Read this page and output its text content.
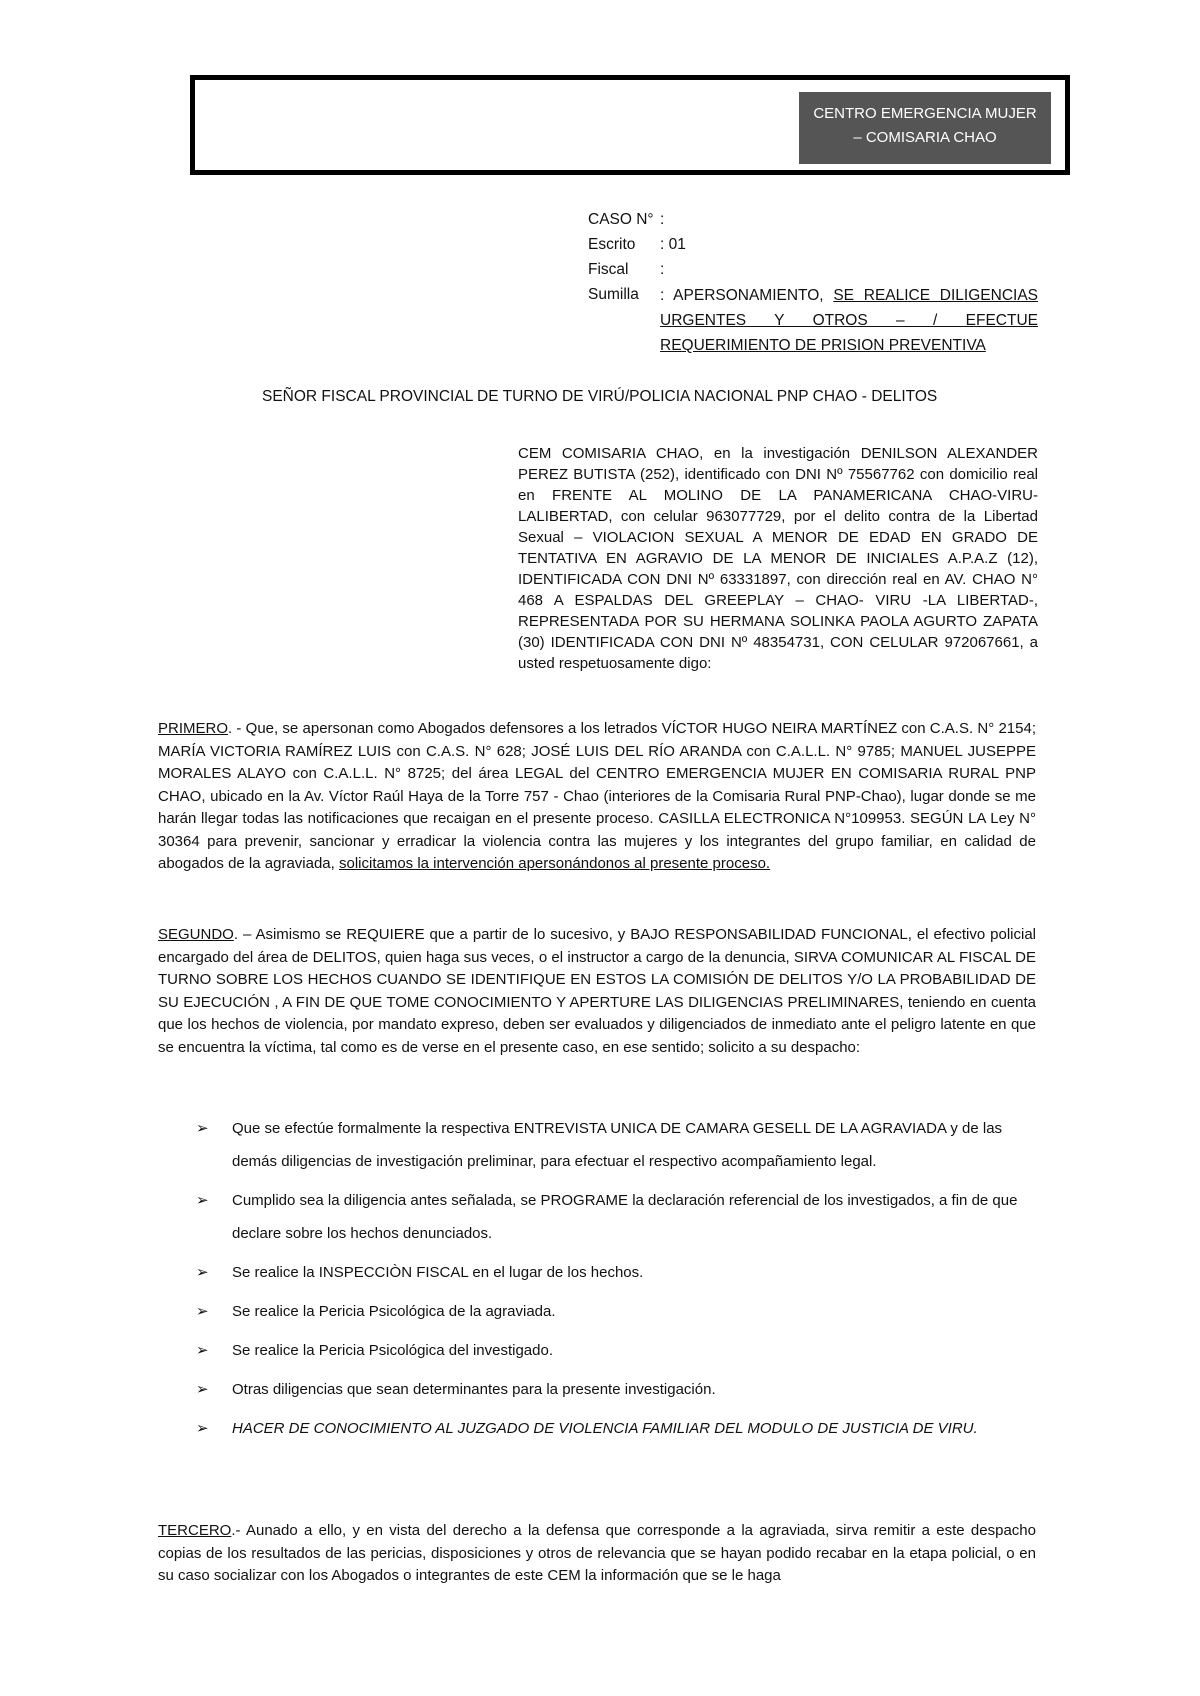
CENTRO EMERGENCIA MUJER
– COMISARIA CHAO
CASO N° :
Escrito	: 01
Fiscal	:
Sumilla	: APERSONAMIENTO, SE REALICE DILIGENCIAS URGENTES Y OTROS – / EFECTUE REQUERIMIENTO DE PRISION PREVENTIVA
SEÑOR FISCAL PROVINCIAL DE TURNO DE VIRÚ/POLICIA NACIONAL PNP CHAO - DELITOS
CEM COMISARIA CHAO, en la investigación DENILSON ALEXANDER PEREZ BUTISTA (252), identificado con DNI Nº 75567762 con domicilio real en FRENTE AL MOLINO DE LA PANAMERICANA CHAO-VIRU- LALIBERTAD, con celular 963077729, por el delito contra de la Libertad Sexual – VIOLACION SEXUAL A MENOR DE EDAD EN GRADO DE TENTATIVA EN AGRAVIO DE LA MENOR DE INICIALES A.P.A.Z (12), IDENTIFICADA CON DNI Nº 63331897, con dirección real en AV. CHAO N° 468 A ESPALDAS DEL GREEPLAY – CHAO- VIRU -LA LIBERTAD-, REPRESENTADA POR SU HERMANA SOLINKA PAOLA AGURTO ZAPATA (30) IDENTIFICADA CON DNI Nº 48354731, CON CELULAR 972067661, a usted respetuosamente digo:
PRIMERO. - Que, se apersonan como Abogados defensores a los letrados VÍCTOR HUGO NEIRA MARTÍNEZ con C.A.S. N° 2154; MARÍA VICTORIA RAMÍREZ LUIS con C.A.S. N° 628; JOSÉ LUIS DEL RÍO ARANDA con C.A.L.L. N° 9785; MANUEL JUSEPPE MORALES ALAYO con C.A.L.L. N° 8725; del área LEGAL del CENTRO EMERGENCIA MUJER EN COMISARIA RURAL PNP CHAO, ubicado en la Av. Víctor Raúl Haya de la Torre 757 - Chao (interiores de la Comisaria Rural PNP-Chao), lugar donde se me harán llegar todas las notificaciones que recaigan en el presente proceso. CASILLA ELECTRONICA N°109953. SEGÚN LA Ley N° 30364 para prevenir, sancionar y erradicar la violencia contra las mujeres y los integrantes del grupo familiar, en calidad de abogados de la agraviada, solicitamos la intervención apersonándonos al presente proceso.
SEGUNDO. – Asimismo se REQUIERE que a partir de lo sucesivo, y BAJO RESPONSABILIDAD FUNCIONAL, el efectivo policial encargado del área de DELITOS, quien haga sus veces, o el instructor a cargo de la denuncia, SIRVA COMUNICAR AL FISCAL DE TURNO SOBRE LOS HECHOS CUANDO SE IDENTIFIQUE EN ESTOS LA COMISIÓN DE DELITOS Y/O LA PROBABILIDAD DE SU EJECUCIÓN , A FIN DE QUE TOME CONOCIMIENTO Y APERTURE LAS DILIGENCIAS PRELIMINARES, teniendo en cuenta que los hechos de violencia, por mandato expreso, deben ser evaluados y diligenciados de inmediato ante el peligro latente en que se encuentra la víctima, tal como es de verse en el presente caso, en ese sentido; solicito a su despacho:
➢ Que se efectúe formalmente la respectiva ENTREVISTA UNICA DE CAMARA GESELL DE LA AGRAVIADA y de las demás diligencias de investigación preliminar, para efectuar el respectivo acompañamiento legal.
➢ Cumplido sea la diligencia antes señalada, se PROGRAME la declaración referencial de los investigados, a fin de que declare sobre los hechos denunciados.
➢ Se realice la INSPECCIÒN FISCAL en el lugar de los hechos.
➢ Se realice la Pericia Psicológica de la agraviada.
➢ Se realice la Pericia Psicológica del investigado.
➢ Otras diligencias que sean determinantes para la presente investigación.
➢ HACER DE CONOCIMIENTO AL JUZGADO DE VIOLENCIA FAMILIAR DEL MODULO DE JUSTICIA DE VIRU.
TERCERO.- Aunado a ello, y en vista del derecho a la defensa que corresponde a la agraviada, sirva remitir a este despacho copias de los resultados de las pericias, disposiciones y otros de relevancia que se hayan podido recabar en la etapa policial, o en su caso socializar con los Abogados o integrantes de este CEM la información que se le haga
